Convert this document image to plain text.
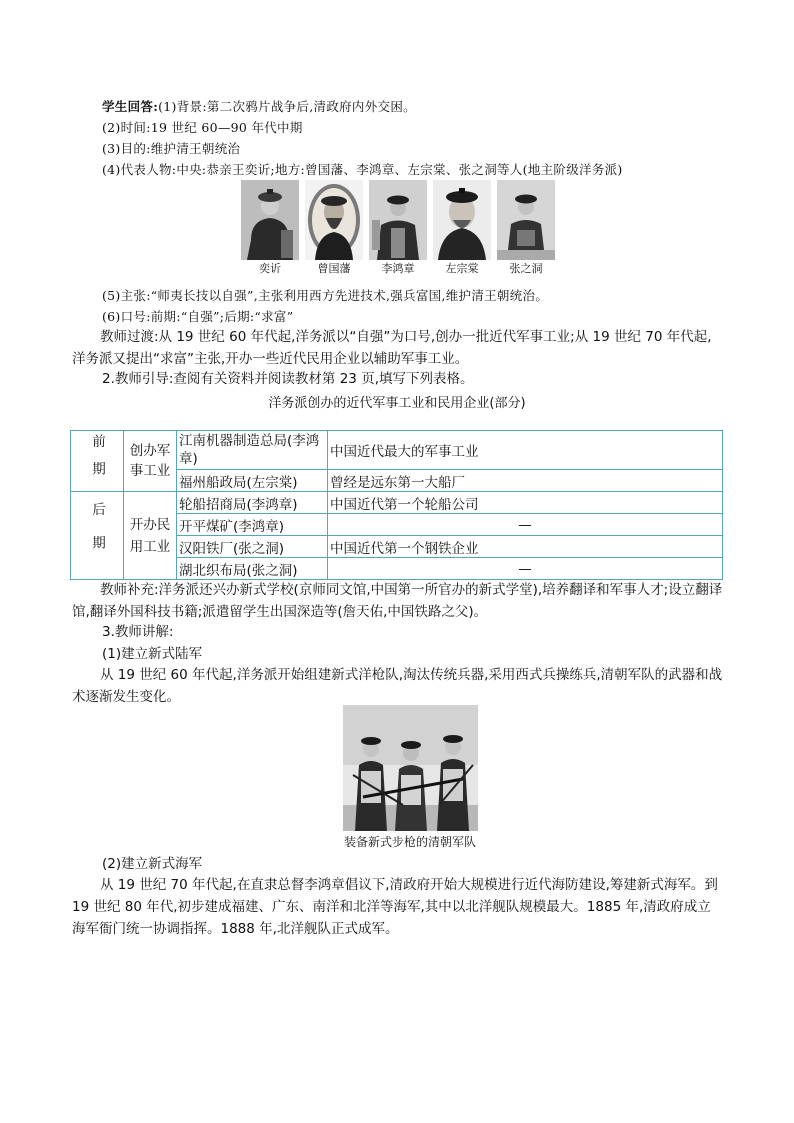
学生回答:(1)背景:第二次鸦片战争后,清政府内外交困。
(2)时间:19 世纪 60—90 年代中期
(3)目的:维护清王朝统治
(4)代表人物:中央:恭亲王奕䜣;地方:曾国藩、李鸿章、左宗棠、张之洞等人(地主阶级洋务派)
奕䜣	曾国藩	李鸿章	左宗棠	张之洞
(5)主张:“师夷长技以自强”,主张利用西方先进技术,强兵富国,维护清王朝统治。
(6)口号:前期:“自强”;后期:“求富”

教师过渡:从 19 世纪 60 年代起,洋务派以“自强”为口号,创办一批近代军事工业;从 19 世纪 70 年代起,洋务派又提出“求富”主张,开办一些近代民用企业以辅助军事工业。

2.教师引导:查阅有关资料并阅读教材第 23 页,填写下列表格。
洋务派创办的近代军事工业和民用企业(部分)
前期	创办军事工业	江南机器制造总局(李鸿章)	中国近代最大的军事工业
		福州船政局(左宗棠)	曾经是远东第一大船厂

后期	开办民用工业	轮船招商局(李鸿章)	中国近代第一个轮船公司
		开平煤矿(李鸿章)	—
		汉阳铁厂(张之洞)	中国近代第一个钢铁企业
		湖北织布局(张之洞)	—

教师补充:洋务派还兴办新式学校(京师同文馆,中国第一所官办的新式学堂),培养翻译和军事人才;设立翻译馆,翻译外国科技书籍;派遣留学生出国深造等(詹天佑,中国铁路之父)。

3.教师讲解:
(1)建立新式陆军

从 19 世纪 60 年代起,洋务派开始组建新式洋枪队,淘汰传统兵器,采用西式兵操练兵,清朝军队的武器和战术逐渐发生变化。

装备新式步枪的清朝军队
(2)建立新式海军

从 19 世纪 70 年代起,在直隶总督李鸿章倡议下,清政府开始大规模进行近代海防建设,筹建新式海军。到 19 世纪 80 年代,初步建成福建、广东、南洋和北洋等海军,其中以北洋舰队规模最大。1885 年,清政府成立海军衙门统一协调指挥。1888 年,北洋舰队正式成军。
